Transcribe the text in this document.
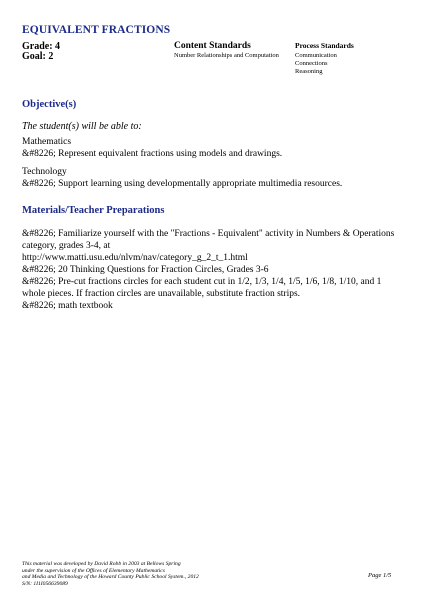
EQUIVALENT FRACTIONS
Grade: 4
Goal: 2
Content Standards
Number Relationships and Computation
Process Standards
Communication
Connections
Reasoning
Objective(s)
The student(s) will be able to:
Mathematics
&#8226; Represent equivalent fractions using models and drawings.
Technology
&#8226; Support learning using developmentally appropriate multimedia resources.
Materials/Teacher Preparations
&#8226; Familiarize yourself with the "Fractions - Equivalent" activity in Numbers & Operations category, grades 3-4, at
http://www.matti.usu.edu/nlvm/nav/category_g_2_t_1.html
&#8226; 20 Thinking Questions for Fraction Circles, Grades 3-6
&#8226; Pre-cut fractions circles for each student cut in 1/2, 1/3, 1/4, 1/5, 1/6, 1/8, 1/10, and 1 whole pieces. If fraction circles are unavailable, substitute fraction strips.
&#8226; math textbook
This material was developed by David Robb in 2003 at Bellows Spring
under the supervision of the Offices of Elementary Mathematics
and Media and Technology of the Howard County Public School System., 2012
S/N: 1I1I056639089
Page 1/5
